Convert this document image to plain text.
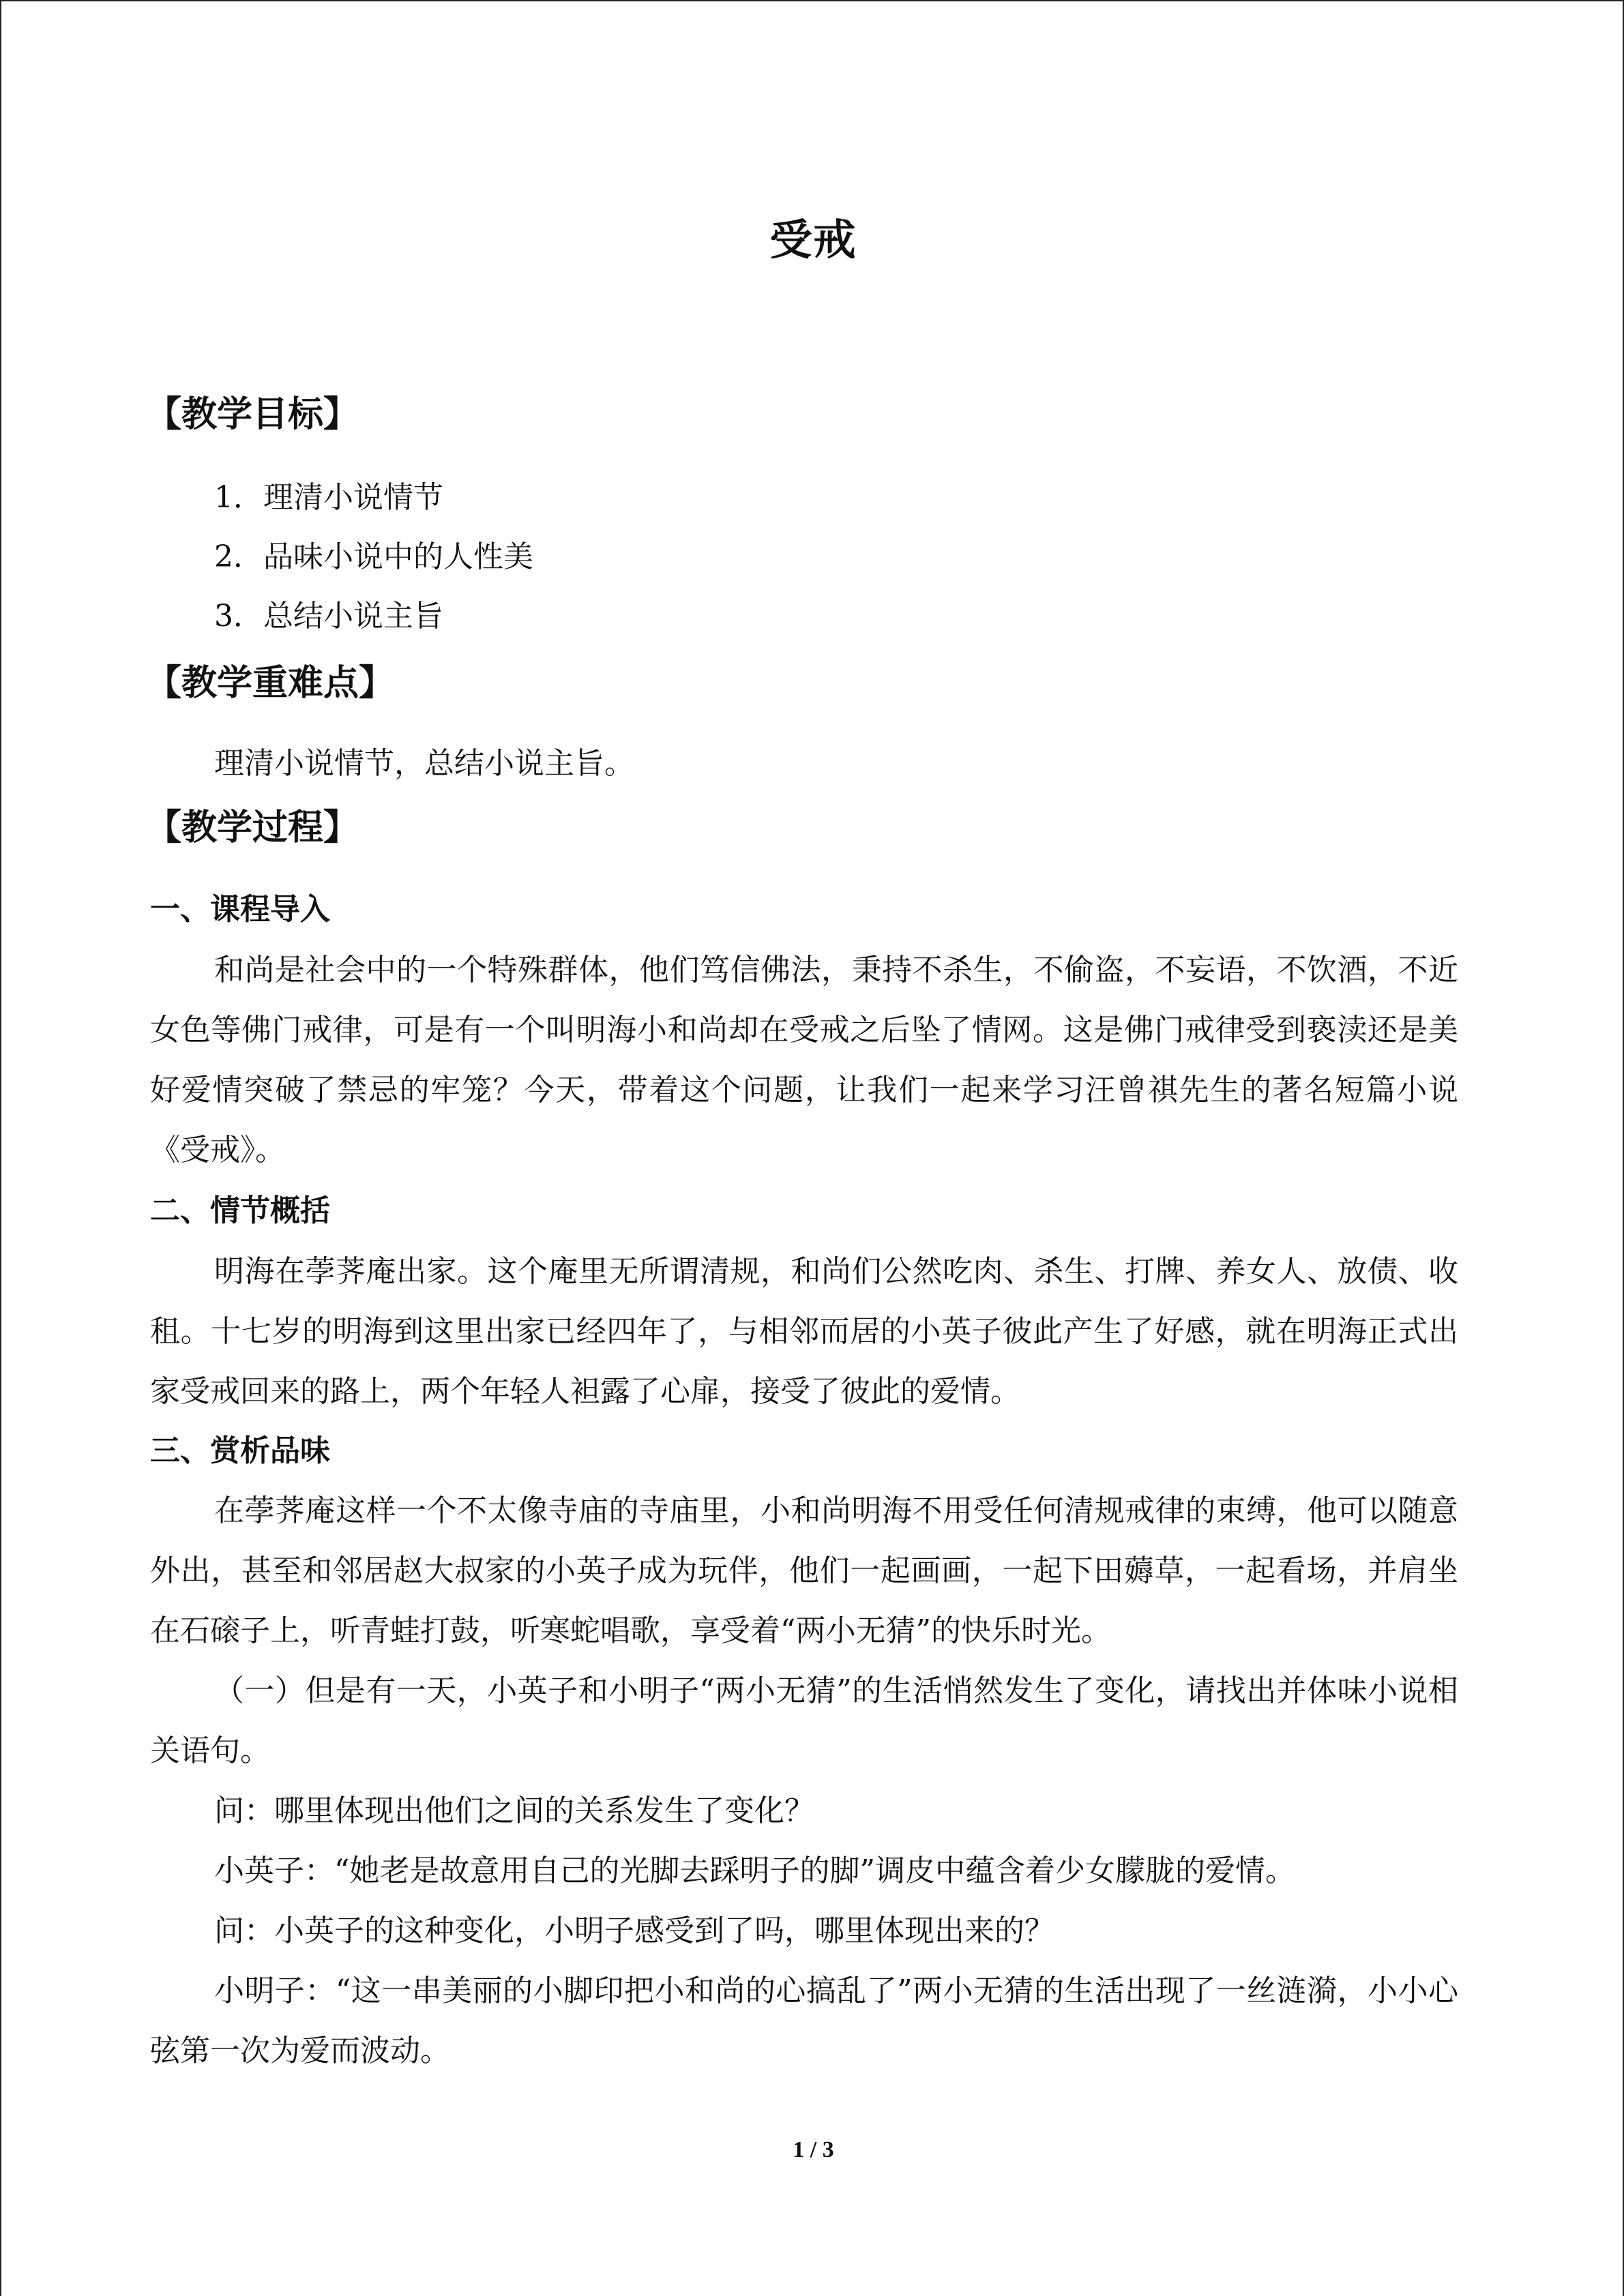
受戒
【教学目标】
1．理清小说情节
2．品味小说中的人性美
3．总结小说主旨
【教学重难点】

理清小说情节，总结小说主旨。

【教学过程】
一、课程导入

和尚是社会中的一个特殊群体，他们笃信佛法，秉持不杀生，不偷盗，不妄语，不饮酒，不近女色等佛门戒律，可是有一个叫明海小和尚却在受戒之后坠了情网。这是佛门戒律受到亵渎还是美好爱情突破了禁忌的牢笼？今天，带着这个问题，让我们一起来学习汪曾祺先生的著名短篇小说《受戒》。

二、情节概括

明海在荸荠庵出家。这个庵里无所谓清规，和尚们公然吃肉、杀生、打牌、养女人、放债、收租。十七岁的明海到这里出家已经四年了，与相邻而居的小英子彼此产生了好感，就在明海正式出家受戒回来的路上，两个年轻人袒露了心扉，接受了彼此的爱情。

三、赏析品味

在荸荠庵这样一个不太像寺庙的寺庙里，小和尚明海不用受任何清规戒律的束缚，他可以随意外出，甚至和邻居赵大叔家的小英子成为玩伴，他们一起画画，一起下田薅草，一起看场，并肩坐在石磙子上，听青蛙打鼓，听寒蛇唱歌，享受着“两小无猜”的快乐时光。

（一）但是有一天，小英子和小明子“两小无猜”的生活悄然发生了变化，请找出并体味小说相关语句。

问：哪里体现出他们之间的关系发生了变化？

小英子：“她老是故意用自己的光脚去踩明子的脚”调皮中蕴含着少女朦胧的爱情。

问：小英子的这种变化，小明子感受到了吗，哪里体现出来的？

小明子：“这一串美丽的小脚印把小和尚的心搞乱了”两小无猜的生活出现了一丝涟漪，小小心弦第一次为爱而波动。

1 / 3
